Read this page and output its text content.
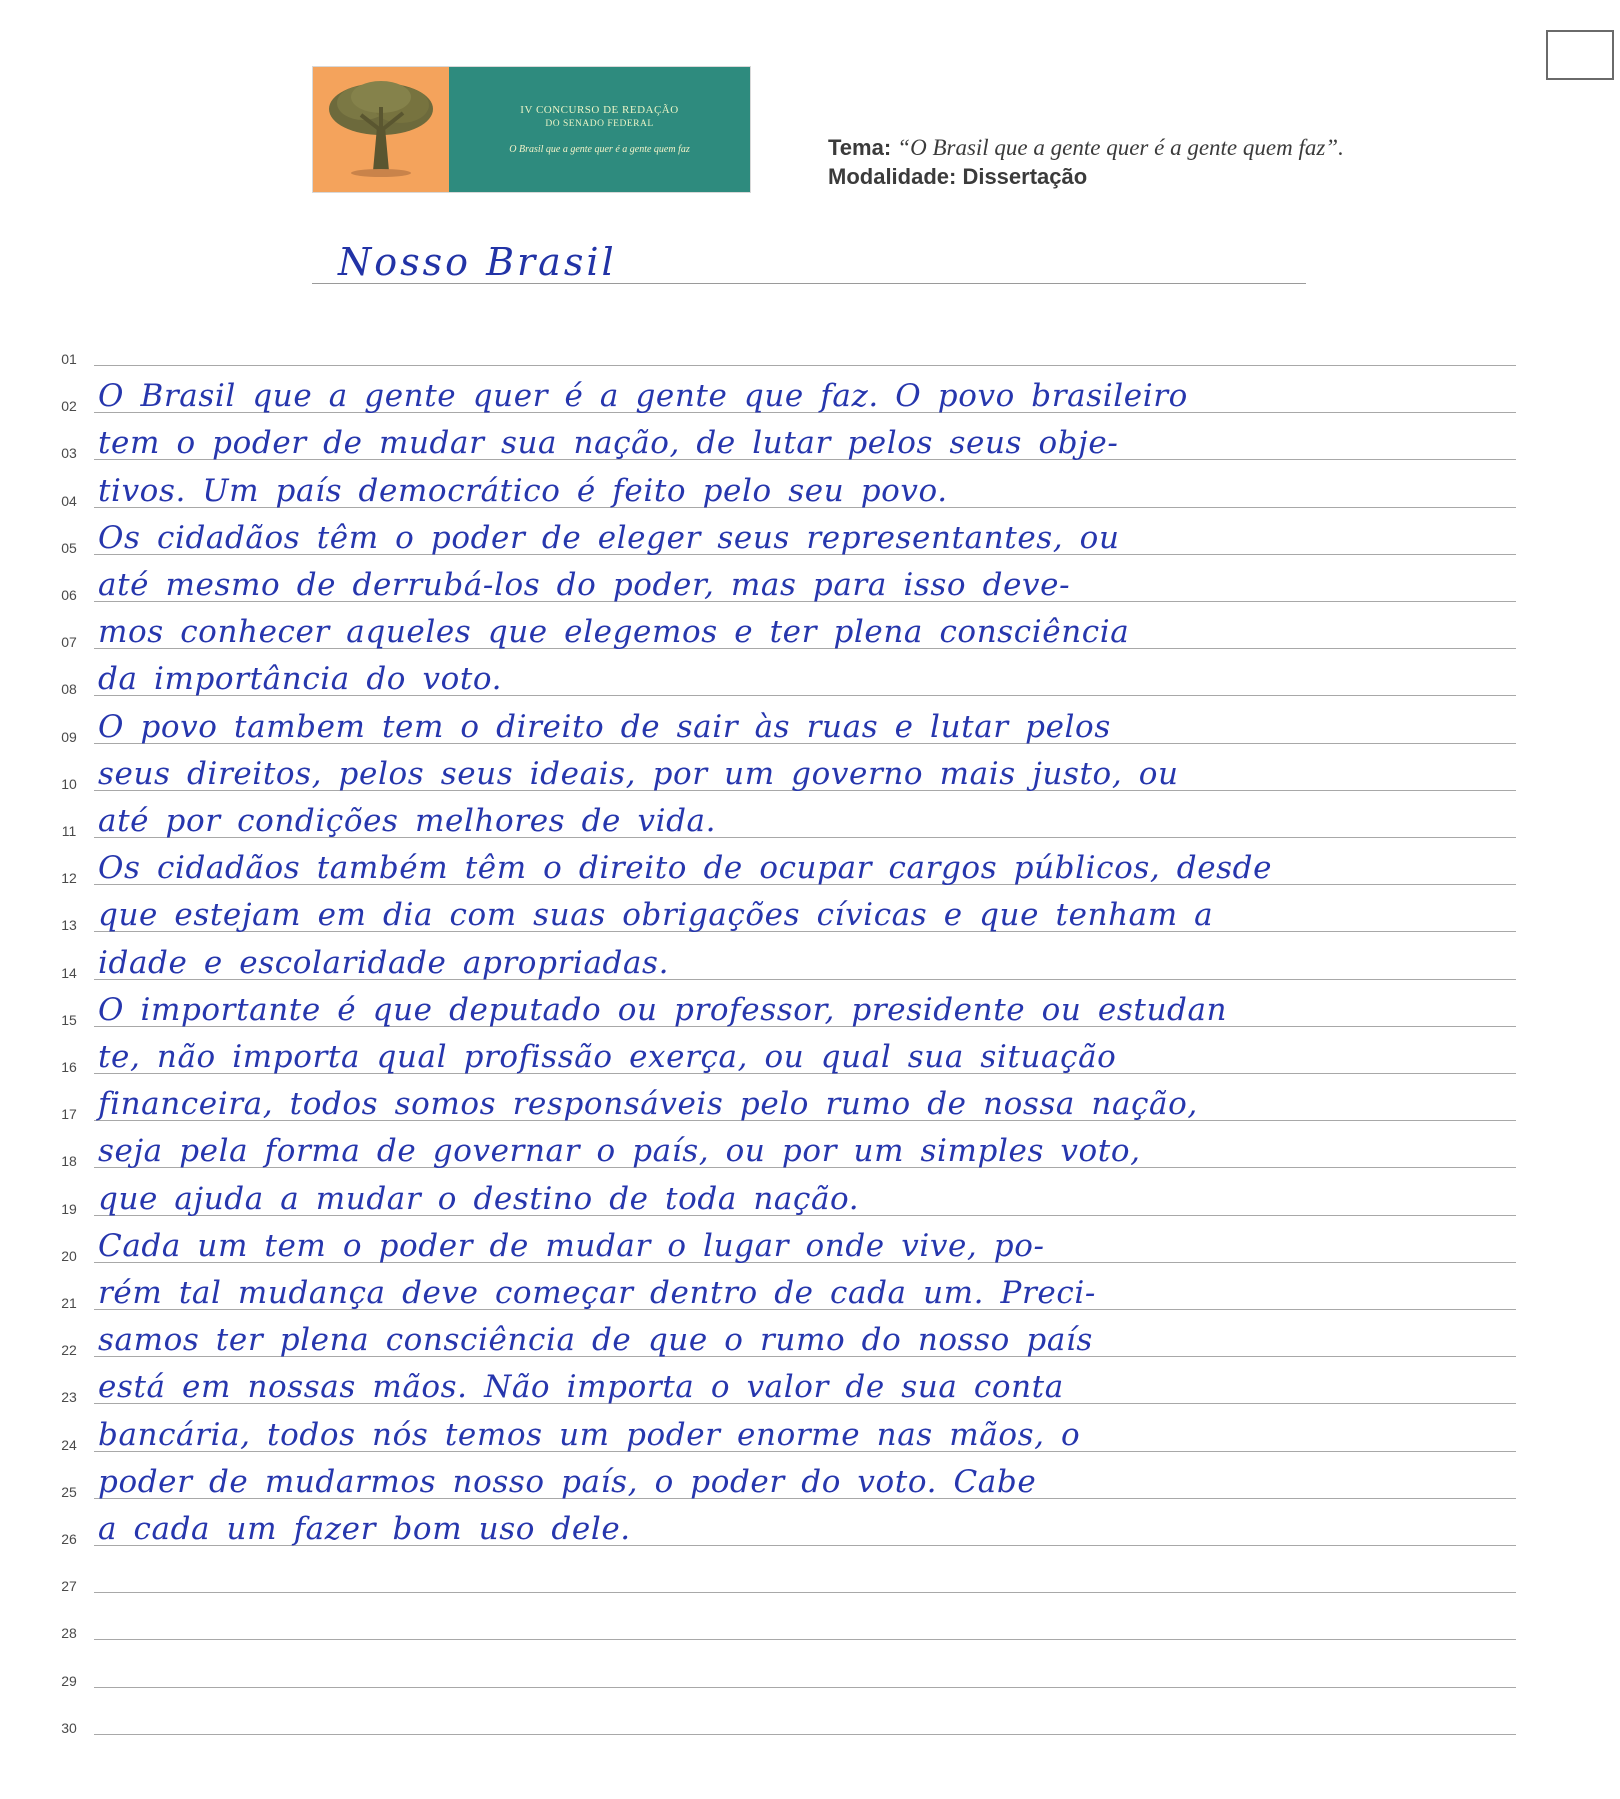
IV CONCURSO DE REDAÇÃO
DO SENADO FEDERAL
O Brasil que a gente quer é a gente quem faz	Tema: “O Brasil que a gente quer é a gente quem faz”.
Modalidade: Dissertação
Nosso Brasil
01
02 O Brasil que a gente quer é a gente que faz. O povo brasileiro
03 tem o poder de mudar sua nação, de lutar pelos seus obje-
04 tivos. Um país democrático é feito pelo seu povo.
05 Os cidadãos têm o poder de eleger seus representantes, ou
06 até mesmo de derrubá-los do poder, mas para isso deve-
07 mos conhecer aqueles que elegemos e ter plena consciência
08 da importância do voto.
09 O povo tambem tem o direito de sair às ruas e lutar pelos
10 seus direitos, pelos seus ideais, por um governo mais justo, ou
11 até por condições melhores de vida.
12 Os cidadãos também têm o direito de ocupar cargos públicos, desde
13 que estejam em dia com suas obrigações cívicas e que tenham a
14 idade e escolaridade apropriadas.
15 O importante é que deputado ou professor, presidente ou estudan
16 te, não importa qual profissão exerça, ou qual sua situação
17 financeira, todos somos responsáveis pelo rumo de nossa nação,
18 seja pela forma de governar o país, ou por um simples voto,
19 que ajuda a mudar o destino de toda nação.
20 Cada um tem o poder de mudar o lugar onde vive, po-
21 rém tal mudança deve começar dentro de cada um. Preci-
22 samos ter plena consciência de que o rumo do nosso país
23 está em nossas mãos. Não importa o valor de sua conta
24 bancária, todos nós temos um poder enorme nas mãos, o
25 poder de mudarmos nosso país, o poder do voto. Cabe
26 a cada um fazer bom uso dele.
27
28
29
30
